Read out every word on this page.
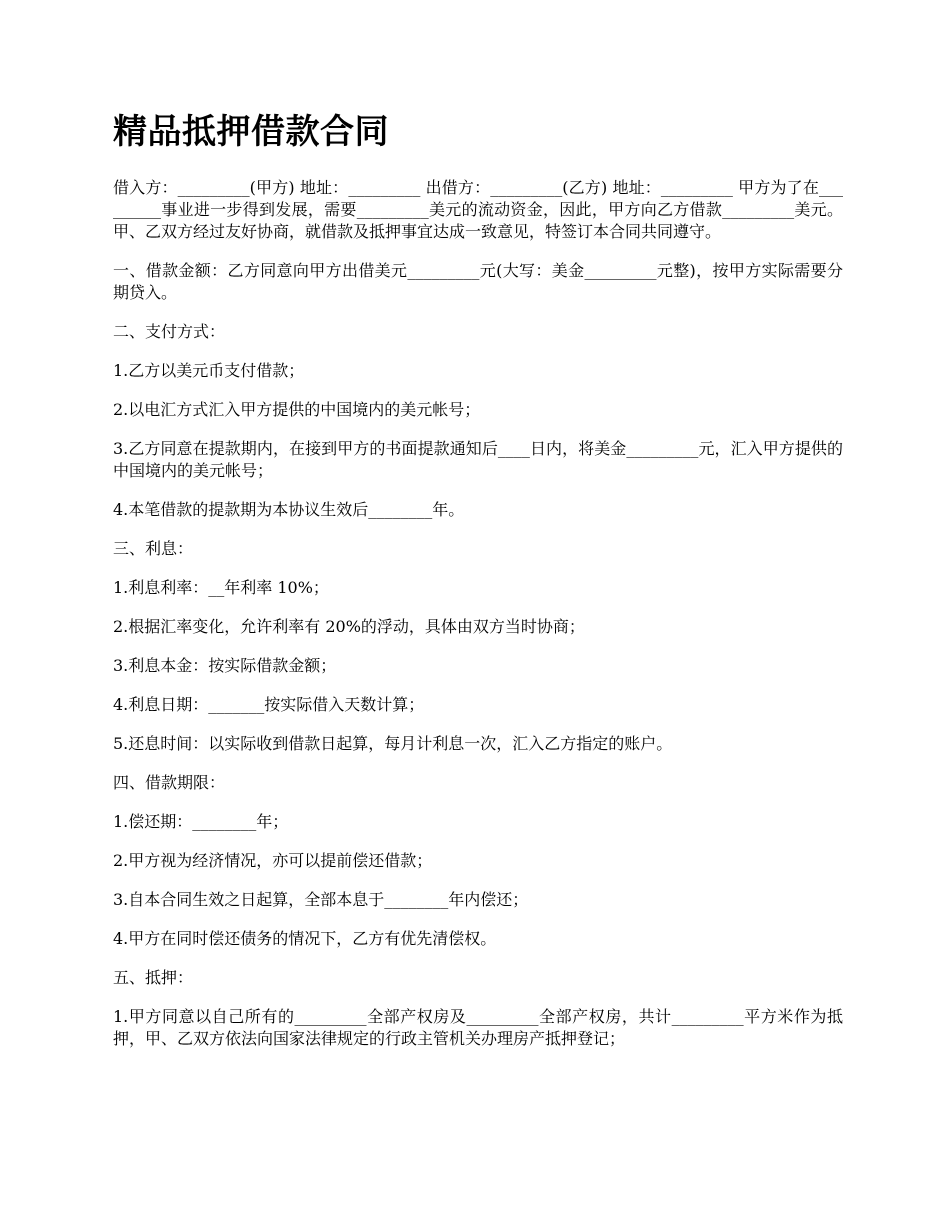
精品抵押借款合同

借入方：_________(甲方) 地址：_________ 出借方：_________(乙方) 地址：_________ 甲方为了在_________事业进一步得到发展，需要_________美元的流动资金，因此，甲方向乙方借款_________美元。甲、乙双方经过友好协商，就借款及抵押事宜达成一致意见，特签订本合同共同遵守。

一、借款金额：乙方同意向甲方出借美元_________元(大写：美金_________元整)，按甲方实际需要分期贷入。

二、支付方式：

1.乙方以美元币支付借款；

2.以电汇方式汇入甲方提供的中国境内的美元帐号；

3.乙方同意在提款期内，在接到甲方的书面提款通知后____日内，将美金_________元，汇入甲方提供的中国境内的美元帐号；

4.本笔借款的提款期为本协议生效后________年。

三、利息：

1.利息利率：__年利率 10%；

2.根据汇率变化，允许利率有 20%的浮动，具体由双方当时协商；

3.利息本金：按实际借款金额；

4.利息日期：_______按实际借入天数计算；

5.还息时间：以实际收到借款日起算，每月计利息一次，汇入乙方指定的账户。

四、借款期限：

1.偿还期：________年；

2.甲方视为经济情况，亦可以提前偿还借款；

3.自本合同生效之日起算，全部本息于________年内偿还；

4.甲方在同时偿还债务的情况下，乙方有优先清偿权。

五、抵押：

1.甲方同意以自己所有的_________全部产权房及_________全部产权房，共计_________平方米作为抵押，甲、乙双方依法向国家法律规定的行政主管机关办理房产抵押登记；
